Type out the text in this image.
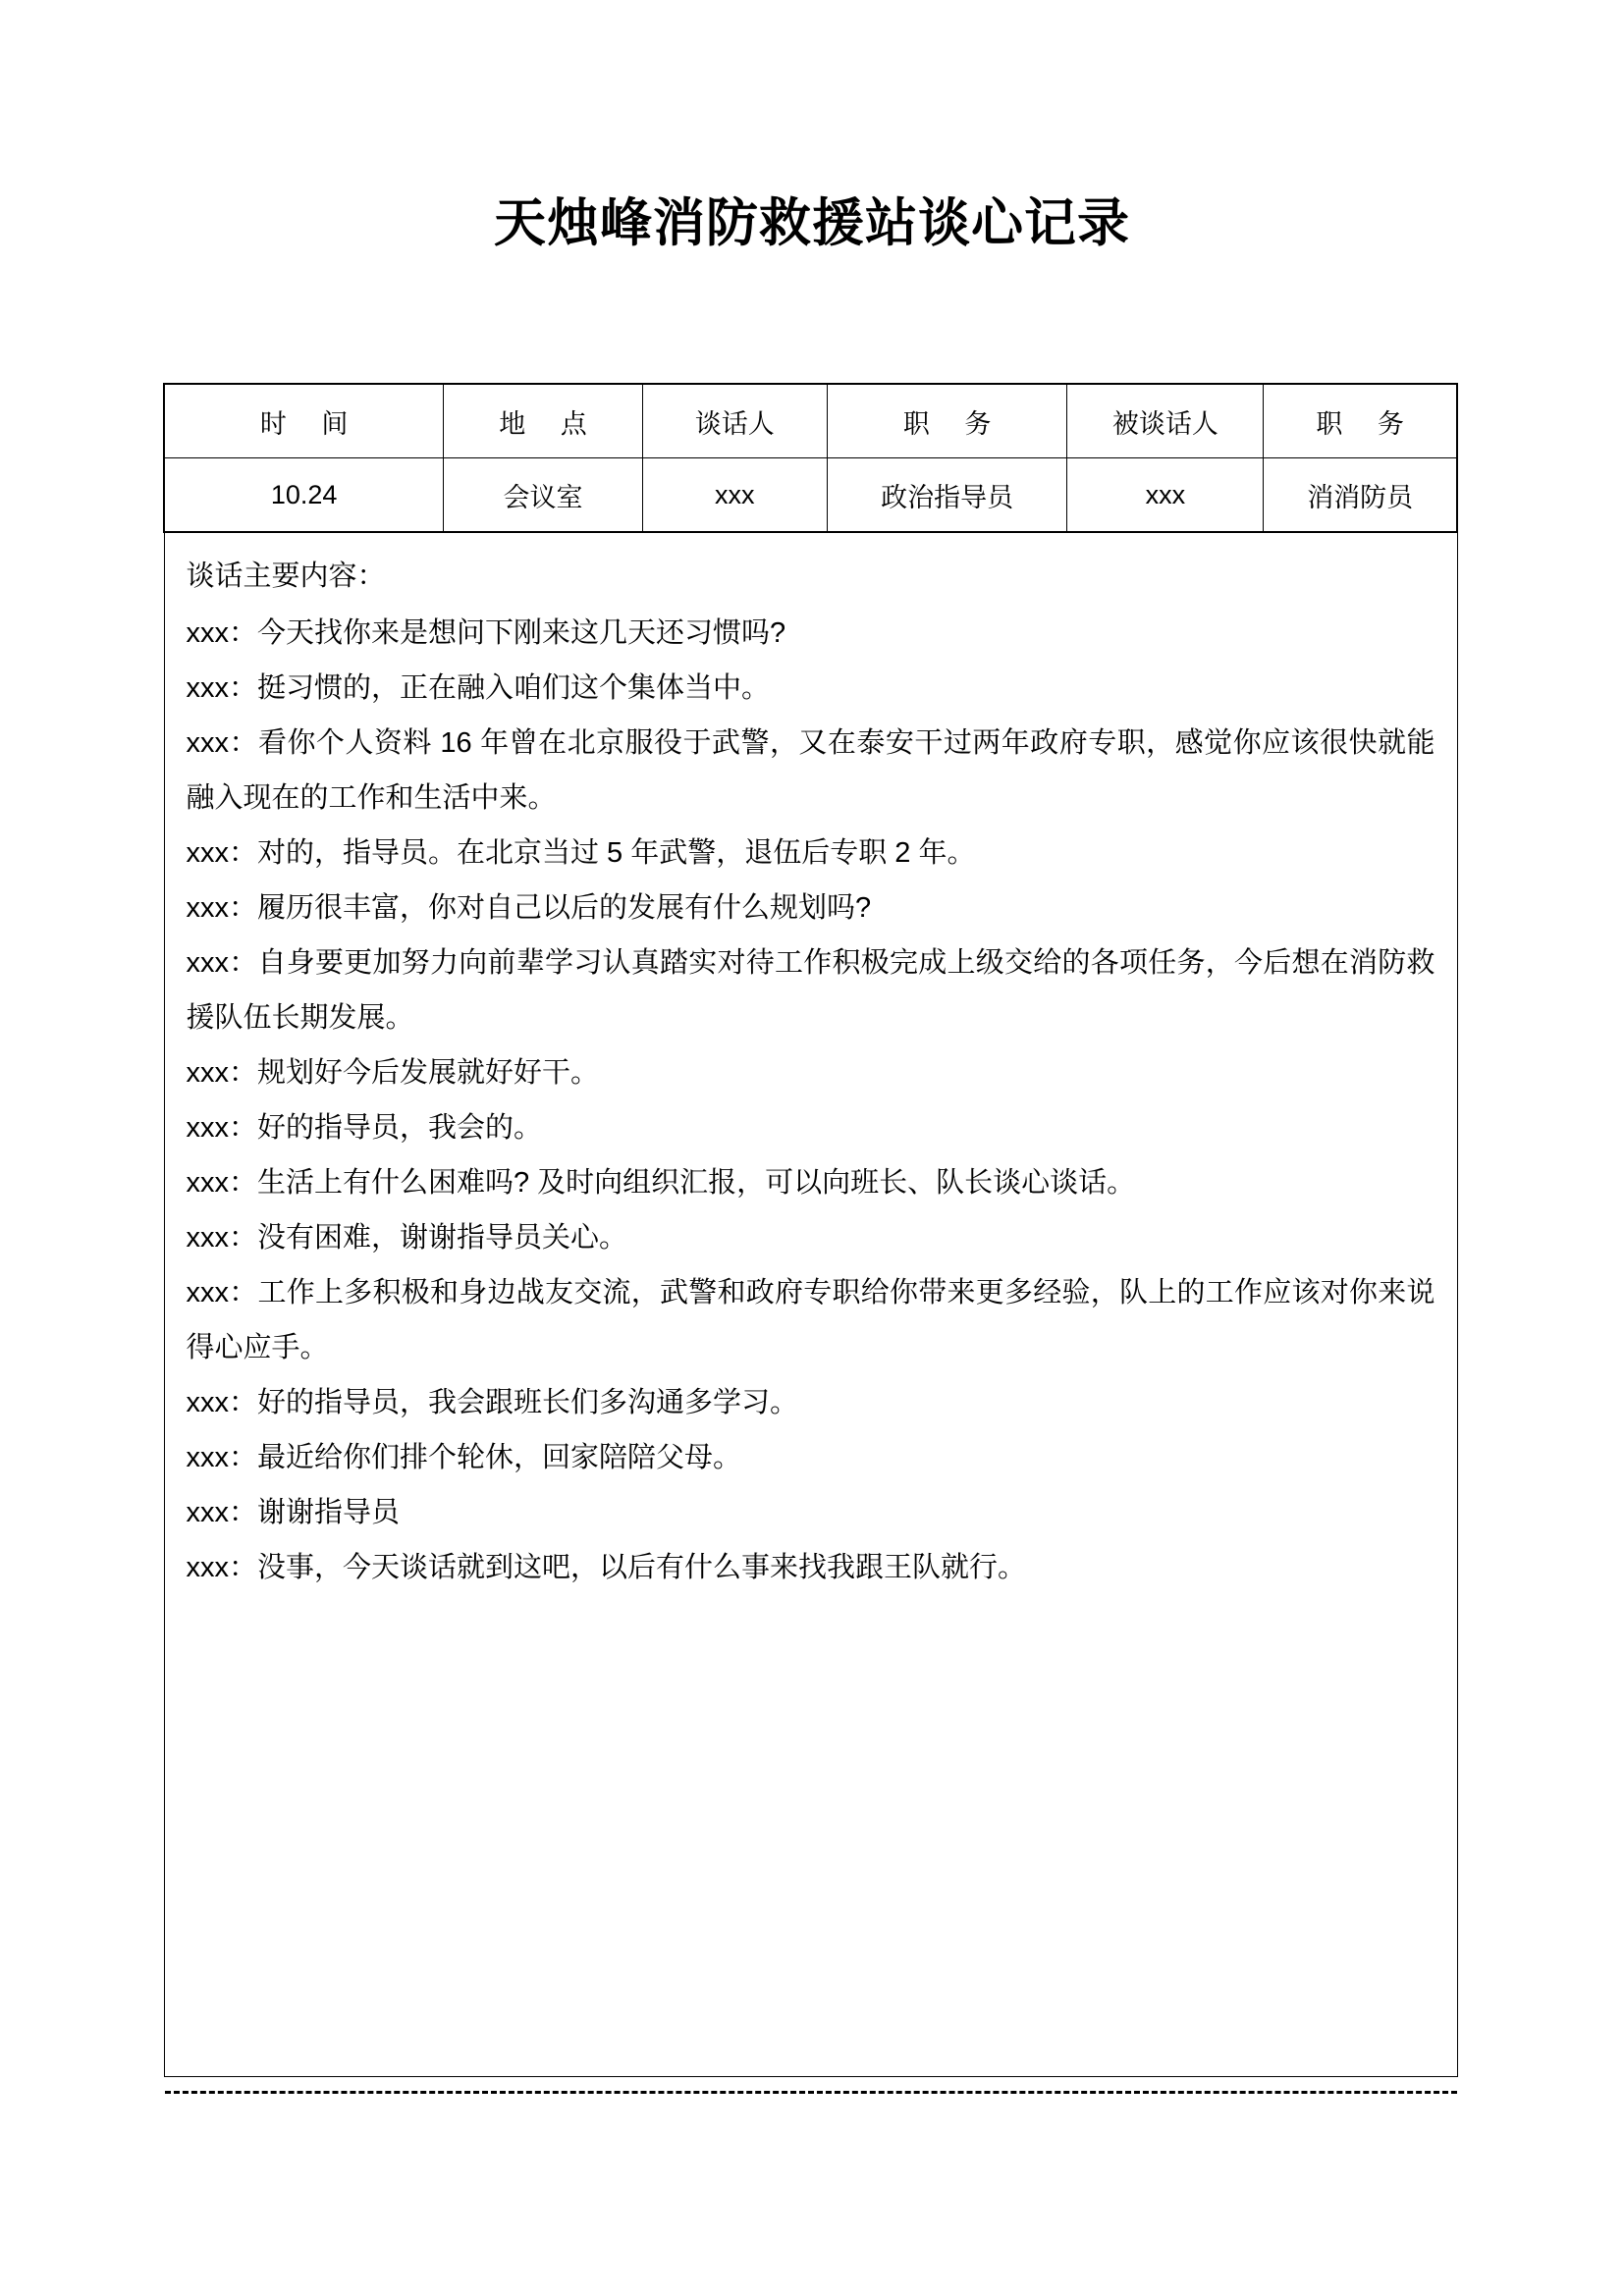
天烛峰消防救援站谈心记录
时 间	地 点	谈话人	职 务	被谈话人	职 务
10.24	会议室	xxx	政治指导员	xxx	消消防员

谈话主要内容：

xxx：今天找你来是想问下刚来这几天还习惯吗?

xxx：挺习惯的，正在融入咱们这个集体当中。

xxx：看你个人资料 16 年曾在北京服役于武警，又在泰安干过两年政府专职，感觉你应该很快就能融入现在的工作和生活中来。

xxx：对的，指导员。在北京当过 5 年武警，退伍后专职 2 年。

xxx：履历很丰富，你对自己以后的发展有什么规划吗?

xxx：自身要更加努力向前辈学习认真踏实对待工作积极完成上级交给的各项任务，今后想在消防救援队伍长期发展。

xxx：规划好今后发展就好好干。

xxx：好的指导员，我会的。

xxx：生活上有什么困难吗? 及时向组织汇报，可以向班长、队长谈心谈话。

xxx：没有困难，谢谢指导员关心。

xxx：工作上多积极和身边战友交流，武警和政府专职给你带来更多经验，队上的工作应该对你来说得心应手。

xxx：好的指导员，我会跟班长们多沟通多学习。

xxx：最近给你们排个轮休，回家陪陪父母。

xxx：谢谢指导员

xxx：没事，今天谈话就到这吧，以后有什么事来找我跟王队就行。
